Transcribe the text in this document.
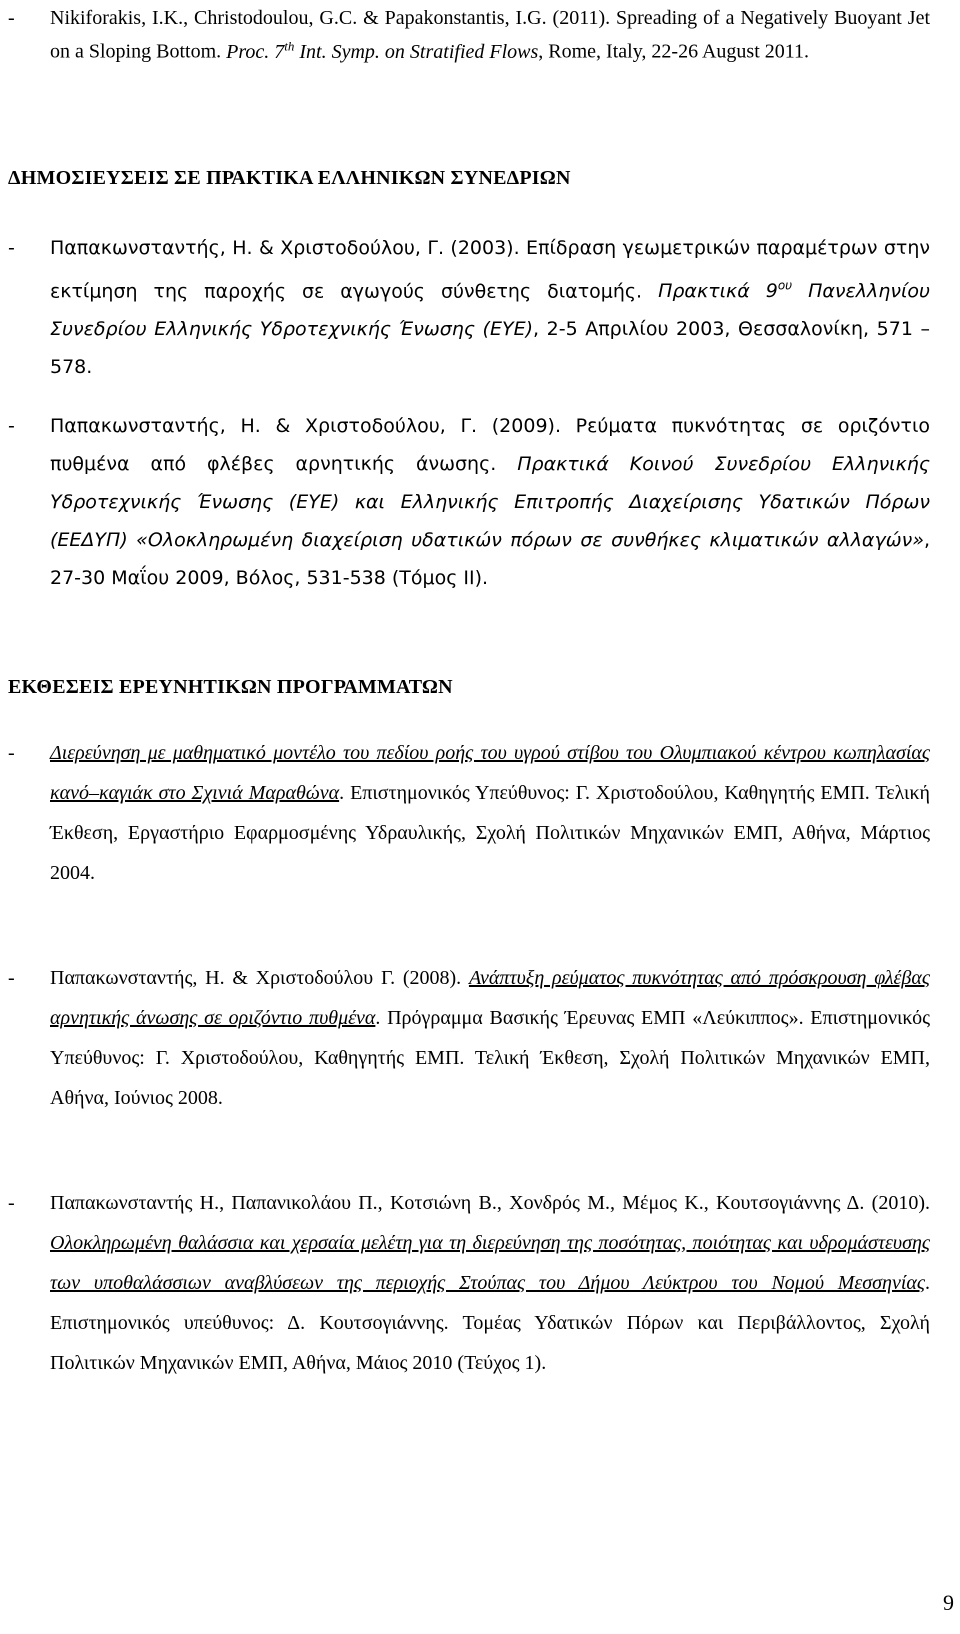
- Nikiforakis, I.K., Christodoulou, G.C. & Papakonstantis, I.G. (2011). Spreading of a Negatively Buoyant Jet on a Sloping Bottom. Proc. 7th Int. Symp. on Stratified Flows, Rome, Italy, 22-26 August 2011.
ΔΗΜΟΣΙΕΥΣΕΙΣ ΣΕ ΠΡΑΚΤΙΚΑ ΕΛΛΗΝΙΚΩΝ ΣΥΝΕΔΡΙΩΝ
- Παπακωνσταντής, Η. & Χριστοδούλου, Γ. (2003). Επίδραση γεωμετρικών παραμέτρων στην εκτίμηση της παροχής σε αγωγούς σύνθετης διατομής. Πρακτικά $9^{o\upsilon}$ Πανελληνίου Συνεδρίου Ελληνικής Υδροτεχνικής Ένωσης (ΕΥΕ), 2-5 Απριλίου 2003, Θεσσαλονίκη, 571 – 578.
- Παπακωνσταντής, Η. & Χριστοδούλου, Γ. (2009). Ρεύματα πυκνότητας σε οριζόντιο πυθμένα από φλέβες αρνητικής άνωσης. Πρακτικά Κοινού Συνεδρίου Ελληνικής Υδροτεχνικής Ένωσης (ΕΥΕ) και Ελληνικής Επιτροπής Διαχείρισης Υδατικών Πόρων (ΕΕΔΥΠ) «Ολοκληρωμένη διαχείριση υδατικών πόρων σε συνθήκες κλιματικών αλλαγών», 27-30 Μαΐου 2009, Βόλος, 531-538 (Τόμος ΙΙ).
ΕΚΘΕΣΕΙΣ ΕΡΕΥΝΗΤΙΚΩΝ ΠΡΟΓΡΑΜΜΑΤΩΝ
- Διερεύνηση με μαθηματικό μοντέλο του πεδίου ροής του υγρού στίβου του Ολυμπιακού κέντρου κωπηλασίας κανό–καγιάκ στο Σχινιά Μαραθώνα. Επιστημονικός Υπεύθυνος: Γ. Χριστοδούλου, Καθηγητής ΕΜΠ. Τελική Έκθεση, Εργαστήριο Εφαρμοσμένης Υδραυλικής, Σχολή Πολιτικών Μηχανικών ΕΜΠ, Αθήνα, Μάρτιος 2004.
- Παπακωνσταντής, Η. & Χριστοδούλου Γ. (2008). Ανάπτυξη ρεύματος πυκνότητας από πρόσκρουση φλέβας αρνητικής άνωσης σε οριζόντιο πυθμένα. Πρόγραμμα Βασικής Έρευνας ΕΜΠ «Λεύκιππος». Επιστημονικός Υπεύθυνος: Γ. Χριστοδούλου, Καθηγητής ΕΜΠ. Τελική Έκθεση, Σχολή Πολιτικών Μηχανικών ΕΜΠ, Αθήνα, Ιούνιος 2008.
- Παπακωνσταντής Η., Παπανικολάου Π., Κοτσιώνη Β., Χονδρός Μ., Μέμος Κ., Κουτσογιάννης Δ. (2010). Ολοκληρωμένη θαλάσσια και χερσαία μελέτη για τη διερεύνηση της ποσότητας, ποιότητας και υδρομάστευσης των υποθαλάσσιων αναβλύσεων της περιοχής Στούπας του Δήμου Λεύκτρου του Νομού Μεσσηνίας. Επιστημονικός υπεύθυνος: Δ. Κουτσογιάννης. Τομέας Υδατικών Πόρων και Περιβάλλοντος, Σχολή Πολιτικών Μηχανικών ΕΜΠ, Αθήνα, Μάιος 2010 (Τεύχος 1).
9
